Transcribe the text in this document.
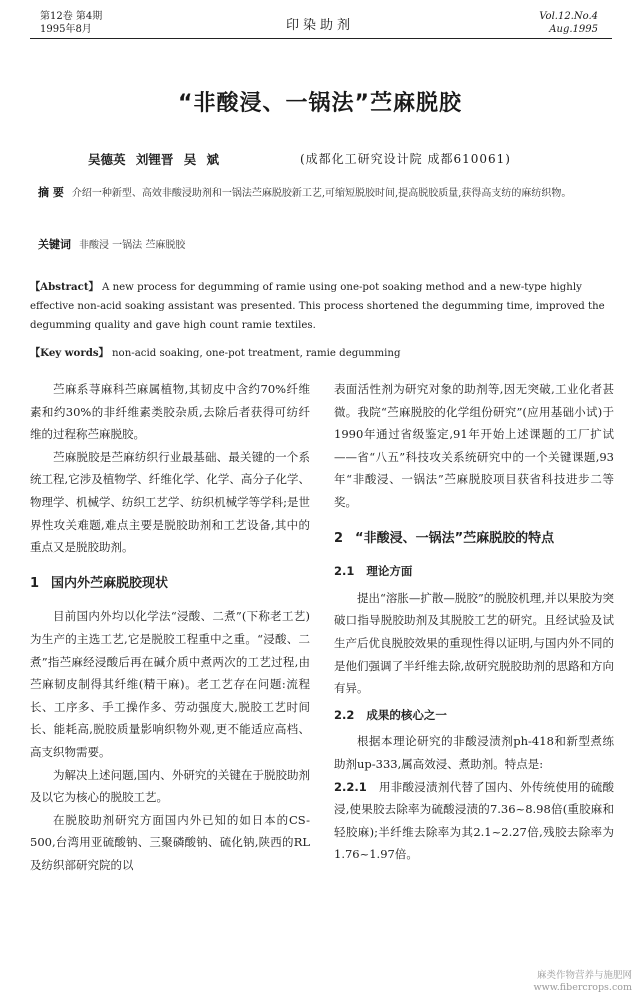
第12卷 第4期
1995年8月	印染助剂
Vol.12.No.4
Aug.1995
“非酸浸、一锅法”苎麻脱胶
吴德英 刘锂晋 吴 斌	(成都化工研究设计院 成都610061)
摘 要 介绍一种新型、高效非酸浸助剂和一锅法苎麻脱胶新工艺,可缩短脱胶时间,提高脱胶质量,获得高支纺的麻纺织物。
关键词 非酸浸 一锅法 苎麻脱胶
【Abstract】 A new process for degumming of ramie using one-pot soaking method and a new-type highly effective non-acid soaking assistant was presented. This process shortened the degumming time, improved the degumming quality and gave high count ramie textiles.
【Key words】 non-acid soaking, one-pot treatment, ramie degumming

苎麻系荨麻科苎麻属植物,其韧皮中含约70%纤维素和约30%的非纤维素类胶杂质,去除后者获得可纺纤维的过程称苎麻脱胶。

苎麻脱胶是苎麻纺织行业最基础、最关键的一个系统工程,它涉及植物学、纤维化学、化学、高分子化学、物理学、机械学、纺织工艺学、纺织机械学等学科;是世界性攻关难题,难点主要是脱胶助剂和工艺设备,其中的重点又是脱胶助剂。

1 国内外苎麻脱胶现状

目前国内外均以化学法“浸酸、二煮”(下称老工艺)为生产的主选工艺,它是脱胶工程重中之重。“浸酸、二煮”指苎麻经浸酸后再在碱介质中煮两次的工艺过程,由苎麻韧皮制得其纤维(精干麻)。老工艺存在问题:流程长、工序多、手工操作多、劳动强度大,脱胶工艺时间长、能耗高,脱胶质量影响织物外观,更不能适应高档、高支织物需要。

为解决上述问题,国内、外研究的关键在于脱胶助剂及以它为核心的脱胶工艺。

在脱胶助剂研究方面国内外已知的如日本的CS-500,台湾用亚硫酸钠、三聚磷酸钠、硫化钠,陕西的RL及纺织部研究院的以

表面活性剂为研究对象的助剂等,因无突破,工业化者甚微。我院“苎麻脱胶的化学组份研究”(应用基础小试)于1990年通过省级鉴定,91年开始上述课题的工厂扩试——省“八五”科技攻关系统研究中的一个关键课题,93年“非酸浸、一锅法”苎麻脱胶项目获省科技进步二等奖。

2 “非酸浸、一锅法”苎麻脱胶的特点
2.1 理论方面

提出“溶胀—扩散—脱胶”的脱胶机理,并以果胶为突破口指导脱胶助剂及其脱胶工艺的研究。且经试验及试生产后优良脱胶效果的重现性得以证明,与国内外不同的是他们强调了半纤维去除,故研究脱胶助剂的思路和方向有异。

2.2 成果的核心之一

根据本理论研究的非酸浸渍剂ph-418和新型煮练助剂up-333,属高效浸、煮助剂。特点是:

2.2.1 用非酸浸渍剂代替了国内、外传统使用的硫酸浸,使果胶去除率为硫酸浸渍的7.36~8.98倍(重胶麻和轻胶麻);半纤维去除率为其2.1~2.27倍,残胶去除率为1.76~1.97倍。

麻类作物营养与施肥网
www.fibercrops.com
